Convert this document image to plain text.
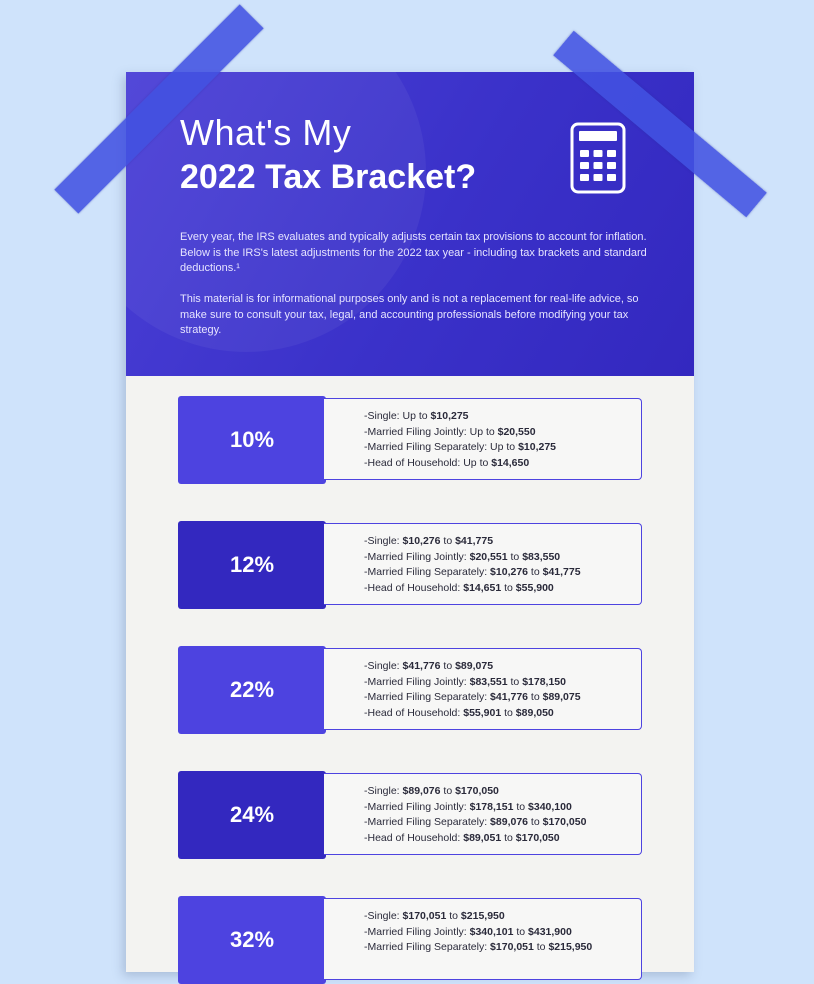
What's My
2022 Tax Bracket?
Every year, the IRS evaluates and typically adjusts certain tax provisions to account for inflation. Below is the IRS's latest adjustments for the 2022 tax year - including tax brackets and standard deductions.¹
This material is for informational purposes only and is not a replacement for real-life advice, so make sure to consult your tax, legal, and accounting professionals before modifying your tax strategy.
10%
-Single: Up to $10,275
-Married Filing Jointly: Up to $20,550
-Married Filing Separately: Up to $10,275
-Head of Household: Up to $14,650
12%
-Single: $10,276 to $41,775
-Married Filing Jointly: $20,551 to $83,550
-Married Filing Separately: $10,276 to $41,775
-Head of Household: $14,651 to $55,900
22%
-Single: $41,776 to $89,075
-Married Filing Jointly: $83,551 to $178,150
-Married Filing Separately: $41,776 to $89,075
-Head of Household: $55,901 to $89,050
24%
-Single: $89,076 to $170,050
-Married Filing Jointly: $178,151 to $340,100
-Married Filing Separately: $89,076 to $170,050
-Head of Household: $89,051 to $170,050
32%
-Single: $170,051 to $215,950
-Married Filing Jointly: $340,101 to $431,900
-Married Filing Separately: $170,051 to $215,950
